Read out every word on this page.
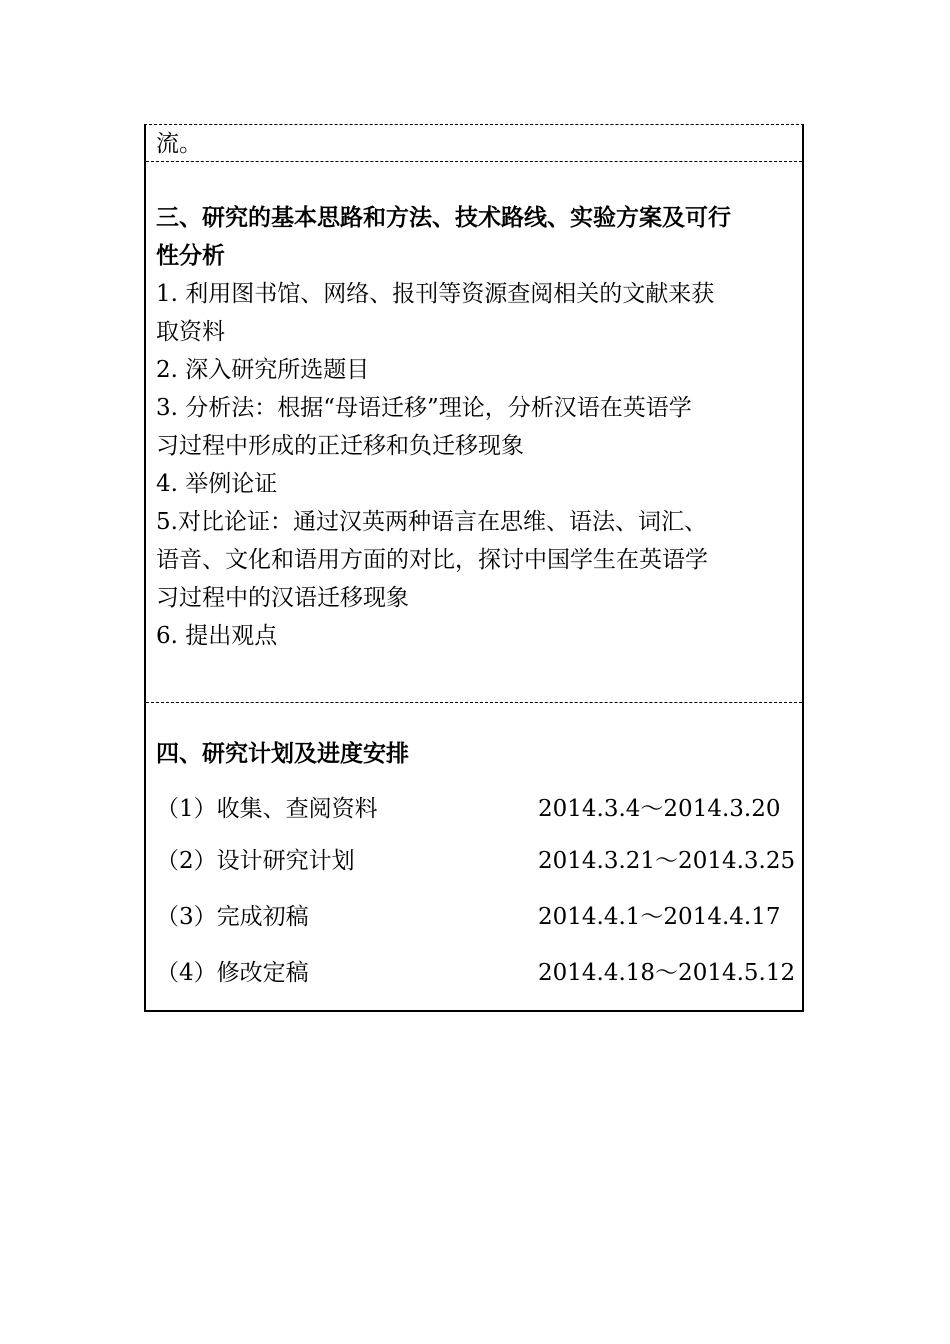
流。
三、研究的基本思路和方法、技术路线、实验方案及可行
性分析
1. 利用图书馆、网络、报刊等资源查阅相关的文献来获
取资料
2. 深入研究所选题目
3. 分析法：根据“母语迁移”理论，分析汉语在英语学
习过程中形成的正迁移和负迁移现象
4. 举例论证
5.对比论证：通过汉英两种语言在思维、语法、词汇、
语音、文化和语用方面的对比，探讨中国学生在英语学
习过程中的汉语迁移现象
6. 提出观点
四、研究计划及进度安排
（1）收集、查阅资料	2014.3.4～2014.3.20
（2）设计研究计划	2014.3.21～2014.3.25
（3）完成初稿	2014.4.1～2014.4.17
（4）修改定稿	2014.4.18～2014.5.12
